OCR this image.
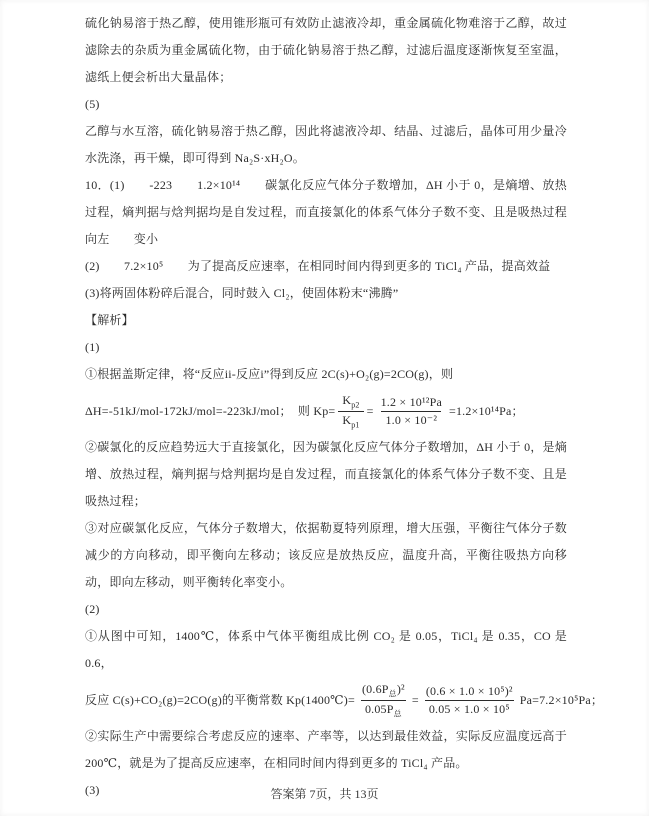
硫化钠易溶于热乙醇，使用锥形瓶可有效防止滤液冷却，重金属硫化物难溶于乙醇，故过滤除去的杂质为重金属硫化物，由于硫化钠易溶于热乙醇，过滤后温度逐渐恢复至室温，滤纸上便会析出大量晶体；

(5)

乙醇与水互溶，硫化钠易溶于热乙醇，因此将滤液冷却、结晶、过滤后，晶体可用少量冷水洗涤，再干燥，即可得到 Na₂S·xH₂O。

10．(1)　　-223　　1.2×10¹⁴　　碳氯化反应气体分子数增加，ΔH 小于 0，是熵增、放热过程，熵判据与焓判据均是自发过程，而直接氯化的体系气体分子数不变、且是吸热过程　　向左　　变小

(2)　　7.2×10⁵　　为了提高反应速率，在相同时间内得到更多的 TiCl₄ 产品，提高效益

(3)将两固体粉碎后混合，同时鼓入 Cl₂，使固体粉末“沸腾”

【解析】

(1)

①根据盖斯定律，将“反应ii-反应i”得到反应 2C(s)+O₂(g)=2CO(g)，则

ΔH=-51kJ/mol-172kJ/mol=-223kJ/mol；　则 $Kp= \frac{K_{p2}}{K_{p1}} = \frac{\text{1.2 × 10¹²Pa}}{\text{1.0 × 10⁻²}} =1.2\times 10^{14}Pa$；

②碳氯化的反应趋势远大于直接氯化，因为碳氯化反应气体分子数增加，ΔH 小于 0，是熵增、放热过程，熵判据与焓判据均是自发过程，而直接氯化的体系气体分子数不变、且是吸热过程；

③对应碳氯化反应，气体分子数增大，依据勒夏特列原理，增大压强，平衡往气体分子数减少的方向移动，即平衡向左移动；该反应是放热反应，温度升高，平衡往吸热方向移动，即向左移动，则平衡转化率变小。

(2)

①从图中可知，1400℃，体系中气体平衡组成比例 CO₂ 是 0.05，TiCl₄ 是 0.35，CO 是 0.6，

反应 C(s)+CO₂(g)=2CO(g)的平衡常数 Kp(1400℃)= $\frac{(0.6P_总)^2}{0.05P_总} = \frac{\text{(0.6 × 1.0 × 10⁵)²}}{\text{0.05 × 1.0 × 10⁵}} Pa=7.2\times 10^5Pa$；

②实际生产中需要综合考虑反应的速率、产率等，以达到最佳效益，实际反应温度远高于 200℃，就是为了提高反应速率，在相同时间内得到更多的 TiCl₄ 产品。

(3)	答案第 7页，共 13页
